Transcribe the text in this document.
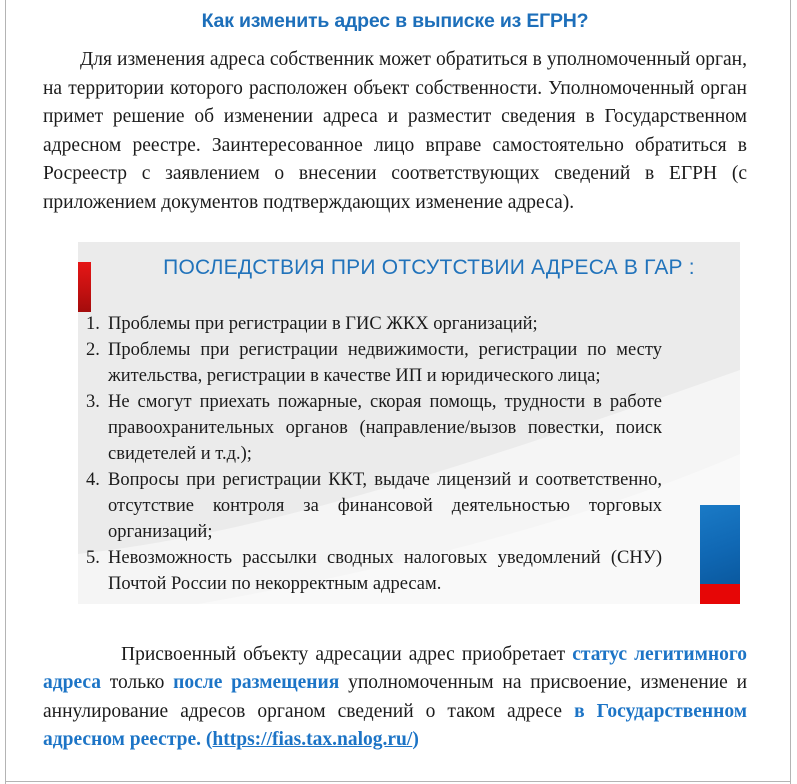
Как изменить адрес в выписке из ЕГРН?

Для изменения адреса собственник может обратиться в уполномоченный орган, на территории которого расположен объект собственности. Уполномоченный орган примет решение об изменении адреса и разместит сведения в Государственном адресном реестре. Заинтересованное лицо вправе самостоятельно обратиться в Росреестр с заявлением о внесении соответствующих сведений в ЕГРН (с приложением документов подтверждающих изменение адреса).

ПОСЛЕДСТВИЯ ПРИ ОТСУТСТВИИ АДРЕСА В ГАР :
1. Проблемы при регистрации в ГИС ЖКХ организаций;
2. Проблемы при регистрации недвижимости, регистрации по месту жительства, регистрации в качестве ИП и юридического лица;
3. Не смогут приехать пожарные, скорая помощь, трудности в работе правоохранительных органов (направление/вызов повестки, поиск свидетелей и т.д.);
4. Вопросы при регистрации ККТ, выдаче лицензий и соответственно, отсутствие контроля за финансовой деятельностью торговых организаций;
5. Невозможность рассылки сводных налоговых уведомлений (СНУ) Почтой России по некорректным адресам.

Присвоенный объекту адресации адрес приобретает статус легитимного адреса только после размещения уполномоченным на присвоение, изменение и аннулирование адресов органом сведений о таком адресе в Государственном адресном реестре. (https://fias.tax.nalog.ru/)
